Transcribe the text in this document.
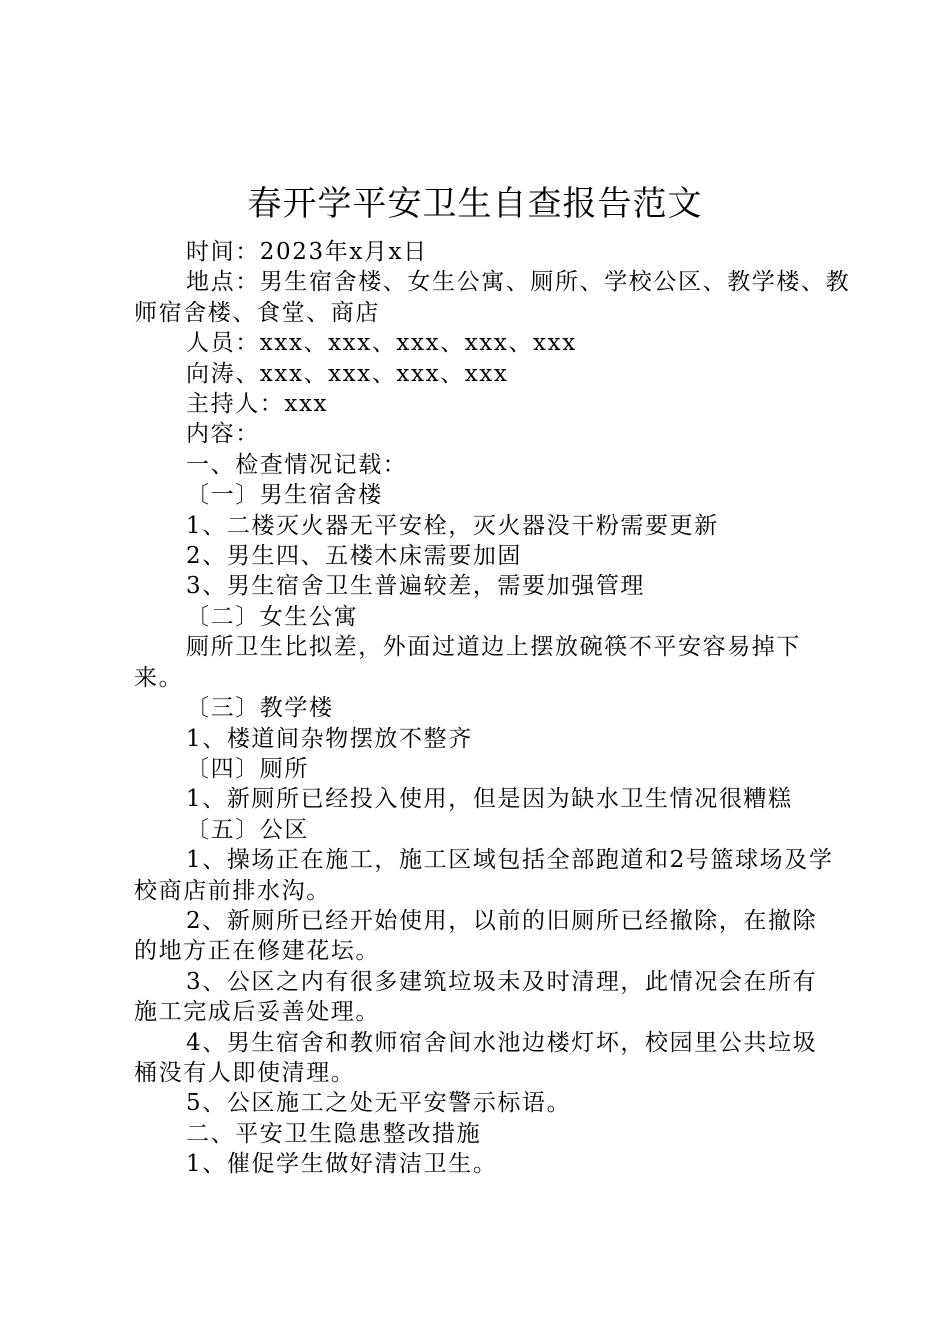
春开学平安卫生自查报告范文

时间：2023年x月x日

地点：男生宿舍楼、女生公寓、厕所、学校公区、教学楼、教师宿舍楼、食堂、商店

人员：xxx、xxx、xxx、xxx、xxx

向涛、xxx、xxx、xxx、xxx

主持人：xxx

内容：

一、检查情况记载：

〔一〕男生宿舍楼

1、二楼灭火器无平安栓，灭火器没干粉需要更新

2、男生四、五楼木床需要加固

3、男生宿舍卫生普遍较差，需要加强管理

〔二〕女生公寓

厕所卫生比拟差，外面过道边上摆放碗筷不平安容易掉下来。

〔三〕教学楼

1、楼道间杂物摆放不整齐

〔四〕厕所

1、新厕所已经投入使用，但是因为缺水卫生情况很糟糕

〔五〕公区

1、操场正在施工，施工区域包括全部跑道和2号篮球场及学校商店前排水沟。

2、新厕所已经开始使用，以前的旧厕所已经撤除，在撤除的地方正在修建花坛。

3、公区之内有很多建筑垃圾未及时清理，此情况会在所有施工完成后妥善处理。

4、男生宿舍和教师宿舍间水池边楼灯坏，校园里公共垃圾桶没有人即使清理。

5、公区施工之处无平安警示标语。

二、平安卫生隐患整改措施

1、催促学生做好清洁卫生。
